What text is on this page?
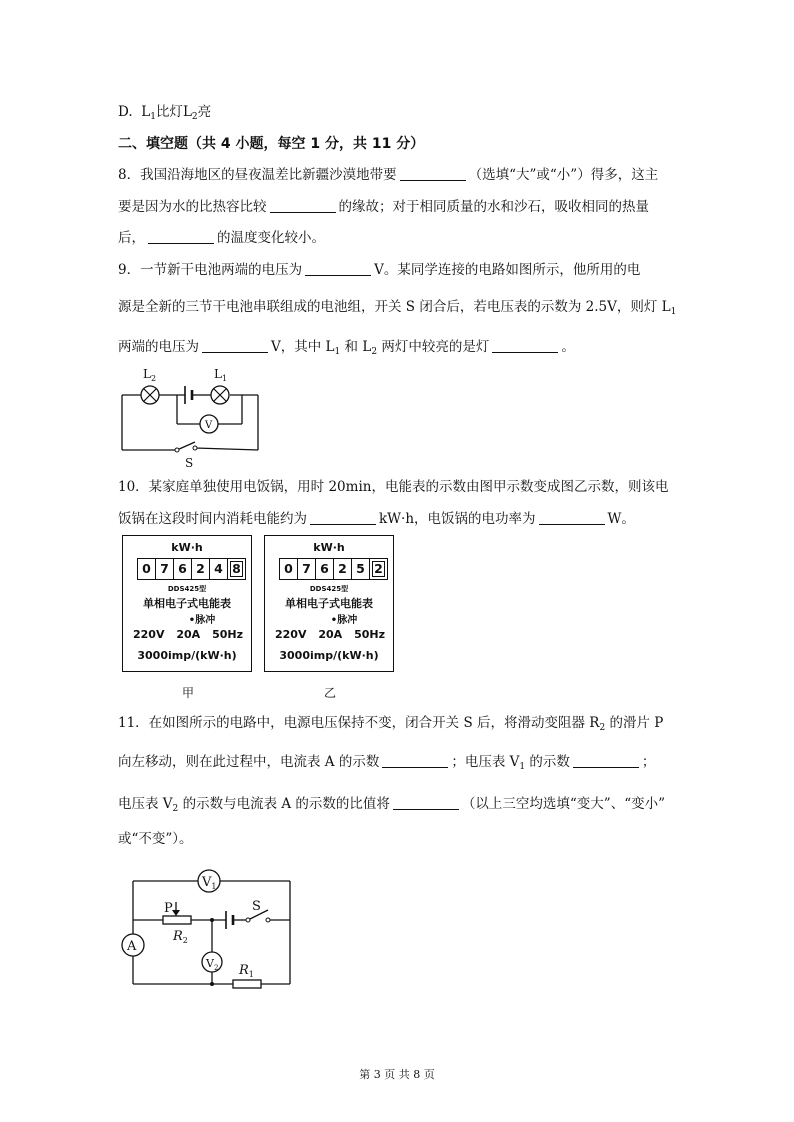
D. $L_1$比灯$L_2$亮
二、填空题（共 4 小题，每空 1 分，共 11 分）
8．我国沿海地区的昼夜温差比新疆沙漠地带要	（选填“大”或“小”）得多，这主
要是因为水的比热容比较	的缘故；对于相同质量的水和沙石，吸收相同的热量
后，	的温度变化较小。
9．一节新干电池两端的电压为	V。某同学连接的电路如图所示，他所用的电
源是全新的三节干电池串联组成的电池组，开关 S 闭合后，若电压表的示数为 2.5V，则灯 $L_1$
两端的电压为	V，其中 $L_1$ 和 $L_2$ 两灯中较亮的是灯	。
$L_2$	$L_1$
V
S
10．某家庭单独使用电饭锅，用时 20min，电能表的示数由图甲示数变成图乙示数，则该电
饭锅在这段时间内消耗电能约为	kW·h，电饭锅的电功率为	W。
kW·h
0 7 6 2 4 8
DDS425型
单相电子式电能表
•脉冲
220V 20A 50Hz
3000imp/(kW·h)
kW·h
0 7 6 2 5 2
DDS425型
单相电子式电能表
•脉冲
220V 20A 50Hz
3000imp/(kW·h)
甲	乙
11．在如图所示的电路中，电源电压保持不变，闭合开关 S 后，将滑动变阻器 $R_2$ 的滑片 P
向左移动，则在此过程中，电流表 A 的示数	；电压表 $V_1$ 的示数	；
电压表 $V_2$ 的示数与电流表 A 的示数的比值将	（以上三空均选填“变大”、“变小”
或“不变”）。
$V_1$
P	S
A
$R_2$
$V_2$ $R_1$
第 3 页 共 8 页
